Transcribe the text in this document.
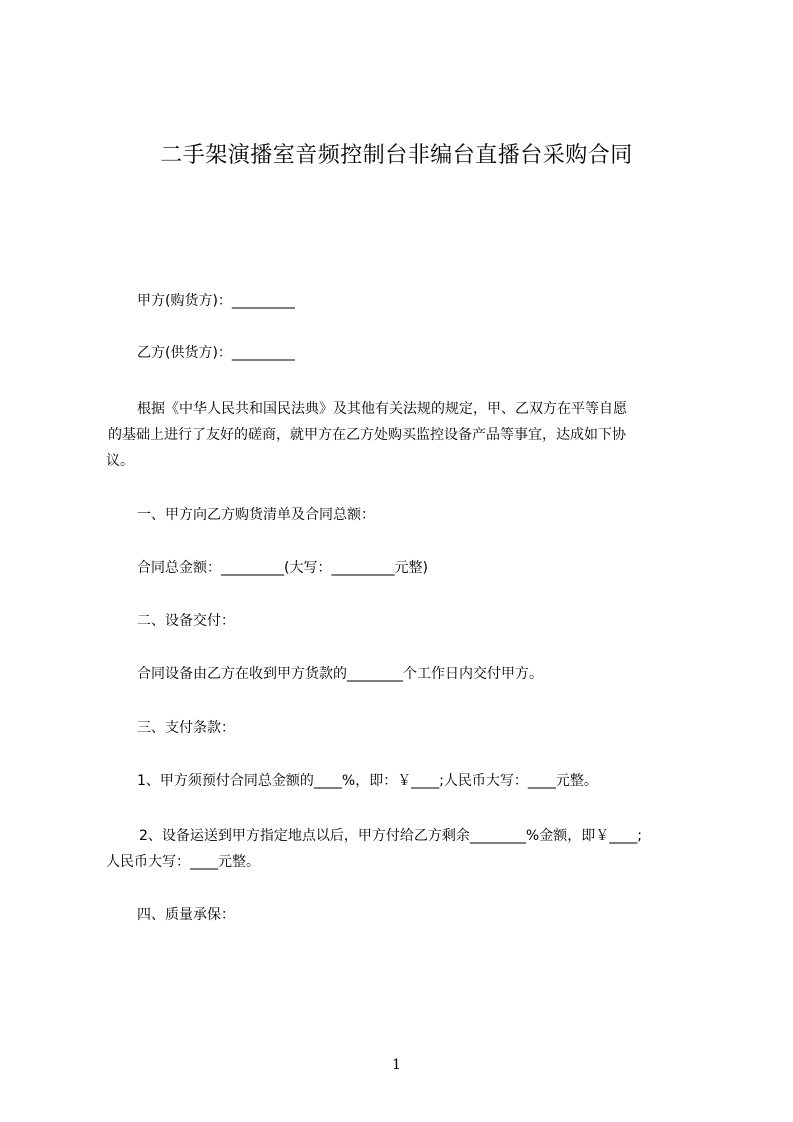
二手架演播室音频控制台非编台直播台采购合同
甲方(购货方)：_________
乙方(供货方)：_________
根据《中华人民共和国民法典》及其他有关法规的规定，甲、乙双方在平等自愿
的基础上进行了友好的磋商，就甲方在乙方处购买监控设备产品等事宜，达成如下协
议。
一、甲方向乙方购货清单及合同总额：
合同总金额：_________(大写：_________元整)
二、设备交付：
合同设备由乙方在收到甲方货款的________个工作日内交付甲方。
三、支付条款：
1、甲方须预付合同总金额的____%，即：￥____;人民币大写：____元整。
2、设备运送到甲方指定地点以后，甲方付给乙方剩余________%金额，即￥____;
人民币大写：____元整。
四、质量承保：
1
